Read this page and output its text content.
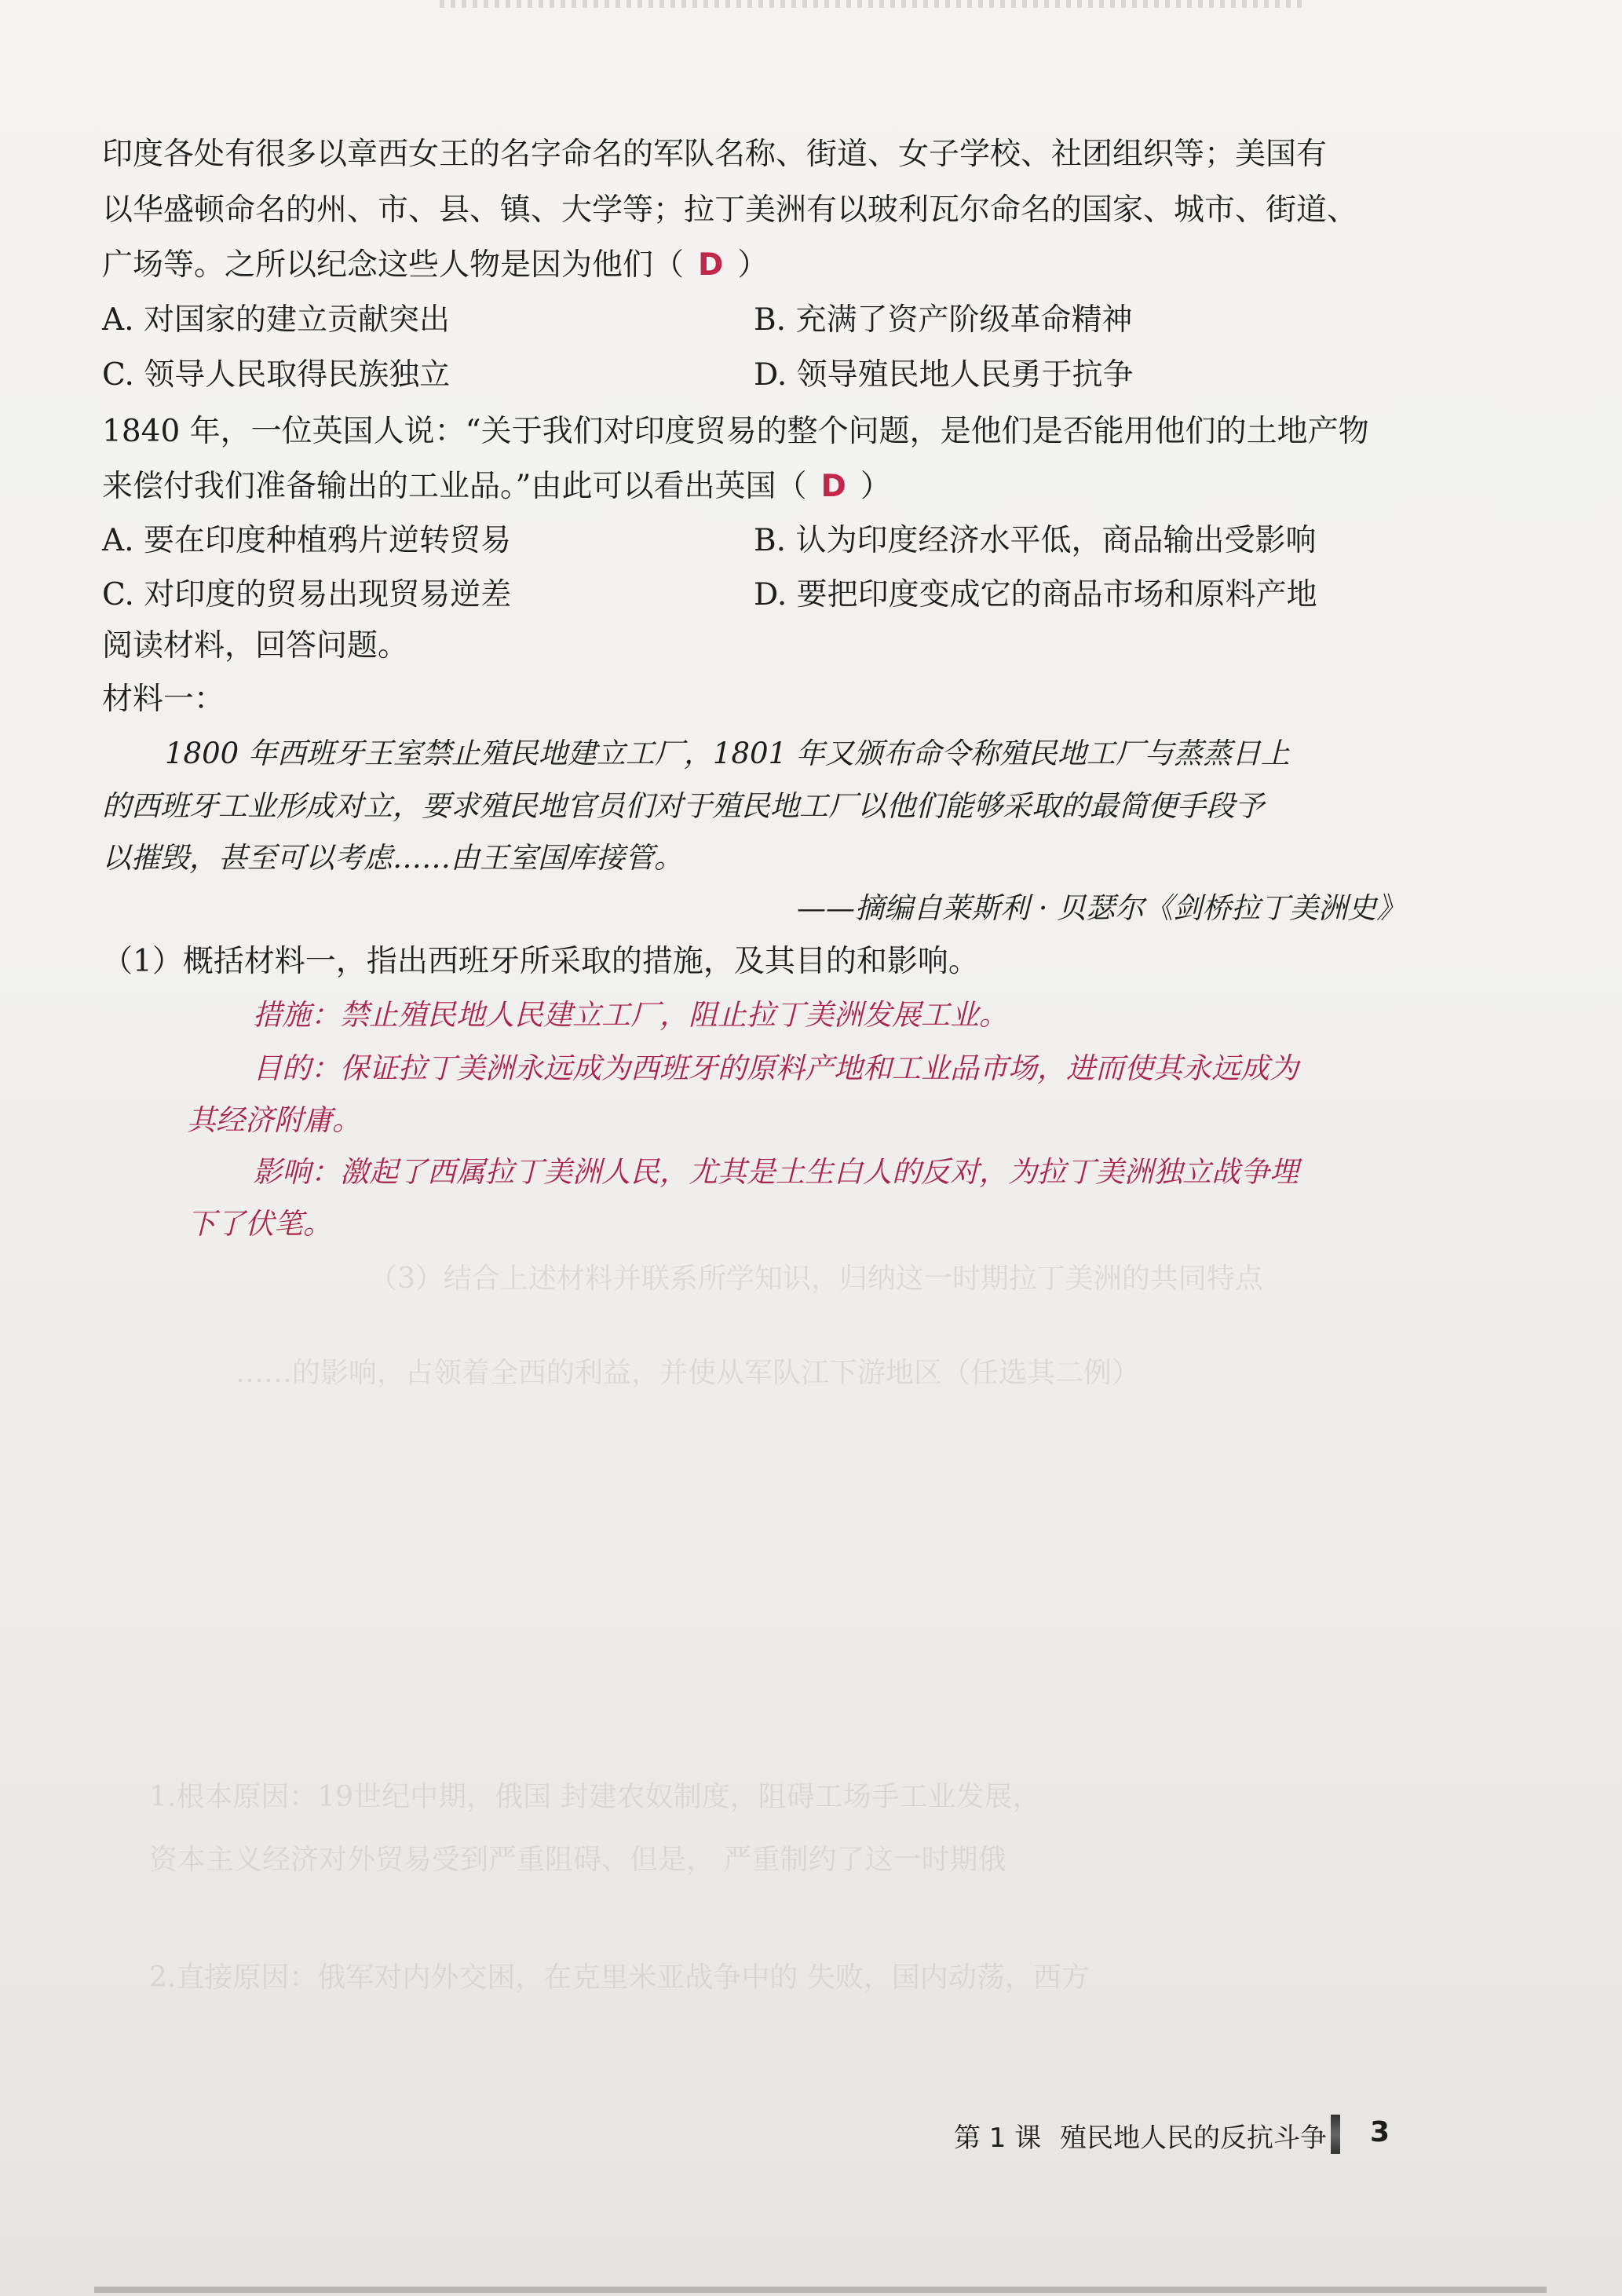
（3）结合上述材料并联系所学知识，归纳这一时期拉丁美洲的共同特点
……的影响，占领着全西的利益，并使从军队江下游地区（任选其二例）
1.根本原因：19世纪中期，俄国 封建农奴制度，阻碍工场手工业发展，
资本主义经济对外贸易受到严重阻碍、但是， 严重制约了这一时期俄
2.直接原因：俄军对内外交困，在克里米亚战争中的 失败，国内动荡，西方
印度各处有很多以章西女王的名字命名的军队名称、街道、女子学校、社团组织等；美国有
以华盛顿命名的州、市、县、镇、大学等；拉丁美洲有以玻利瓦尔命名的国家、城市、街道、
广场等。之所以纪念这些人物是因为他们（ D ）
A. 对国家的建立贡献突出	B. 充满了资产阶级革命精神
C. 领导人民取得民族独立	D. 领导殖民地人民勇于抗争
1840 年，一位英国人说：“关于我们对印度贸易的整个问题，是他们是否能用他们的土地产物
来偿付我们准备输出的工业品。”由此可以看出英国（ D ）
A. 要在印度种植鸦片逆转贸易	B. 认为印度经济水平低，商品输出受影响
C. 对印度的贸易出现贸易逆差	D. 要把印度变成它的商品市场和原料产地
阅读材料，回答问题。
材料一：
1800 年西班牙王室禁止殖民地建立工厂，1801 年又颁布命令称殖民地工厂与蒸蒸日上
的西班牙工业形成对立，要求殖民地官员们对于殖民地工厂以他们能够采取的最简便手段予
以摧毁，甚至可以考虑……由王室国库接管。
——摘编自莱斯利 · 贝瑟尔《剑桥拉丁美洲史》
（1）概括材料一，指出西班牙所采取的措施，及其目的和影响。
措施：禁止殖民地人民建立工厂，阻止拉丁美洲发展工业。
目的：保证拉丁美洲永远成为西班牙的原料产地和工业品市场，进而使其永远成为
其经济附庸。
影响：激起了西属拉丁美洲人民，尤其是土生白人的反对，为拉丁美洲独立战争埋
下了伏笔。
第 1 课 殖民地人民的反抗斗争 3
